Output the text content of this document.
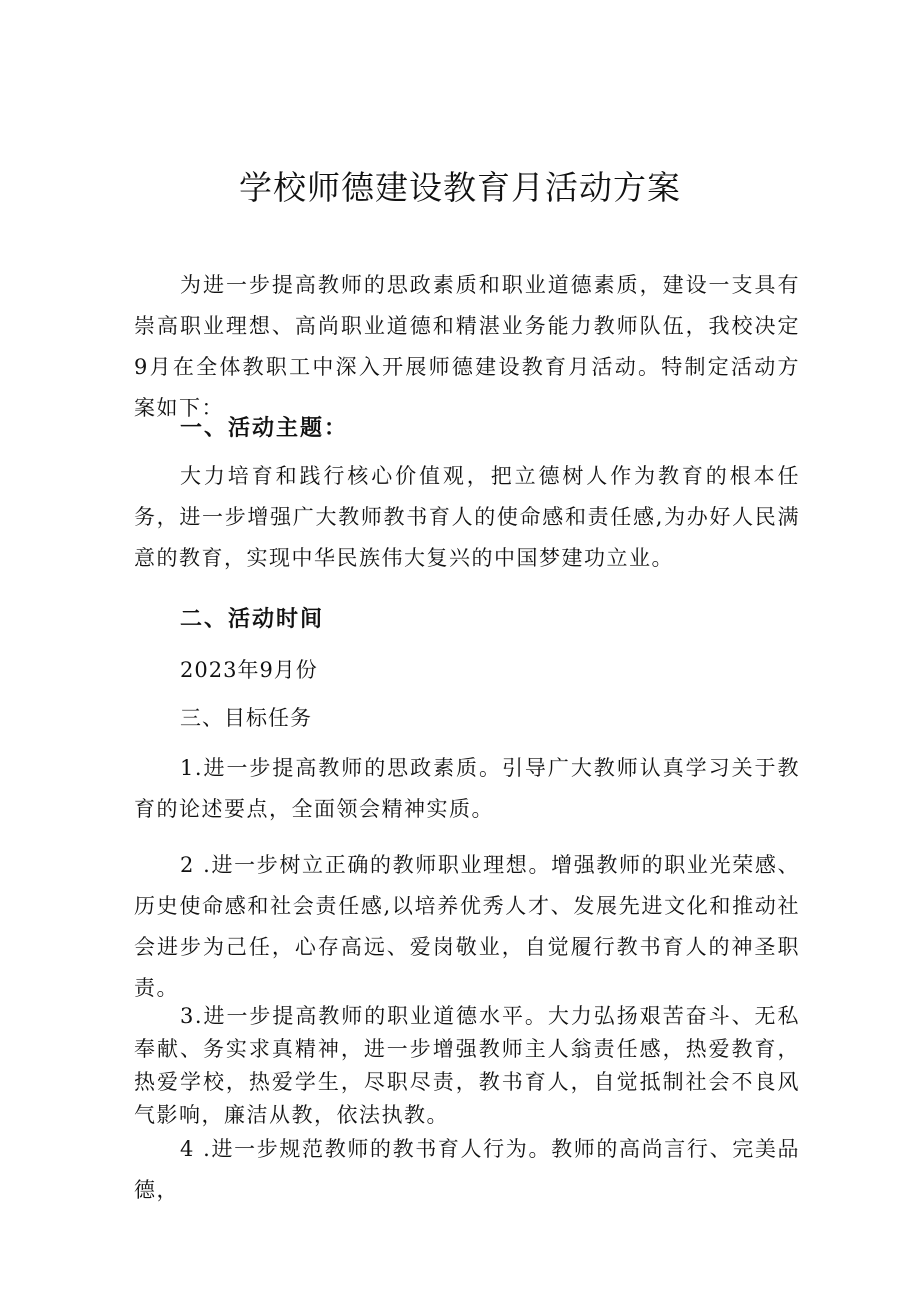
学校师德建设教育月活动方案

为进一步提高教师的思政素质和职业道德素质，建设一支具有崇高职业理想、高尚职业道德和精湛业务能力教师队伍，我校决定9月在全体教职工中深入开展师德建设教育月活动。特制定活动方案如下：

一、活动主题：

大力培育和践行核心价值观，把立德树人作为教育的根本任务，进一步增强广大教师教书育人的使命感和责任感,为办好人民满意的教育，实现中华民族伟大复兴的中国梦建功立业。

二、活动时间

2023年9月份

三、目标任务

1.进一步提高教师的思政素质。引导广大教师认真学习关于教育的论述要点，全面领会精神实质。

2 .进一步树立正确的教师职业理想。增强教师的职业光荣感、历史使命感和社会责任感,以培养优秀人才、发展先进文化和推动社会进步为己任，心存高远、爱岗敬业，自觉履行教书育人的神圣职责。

3.进一步提高教师的职业道德水平。大力弘扬艰苦奋斗、无私奉献、务实求真精神，进一步增强教师主人翁责任感，热爱教育，热爱学校，热爱学生，尽职尽责，教书育人，自觉抵制社会不良风气影响，廉洁从教，依法执教。

4 .进一步规范教师的教书育人行为。教师的高尚言行、完美品德，
